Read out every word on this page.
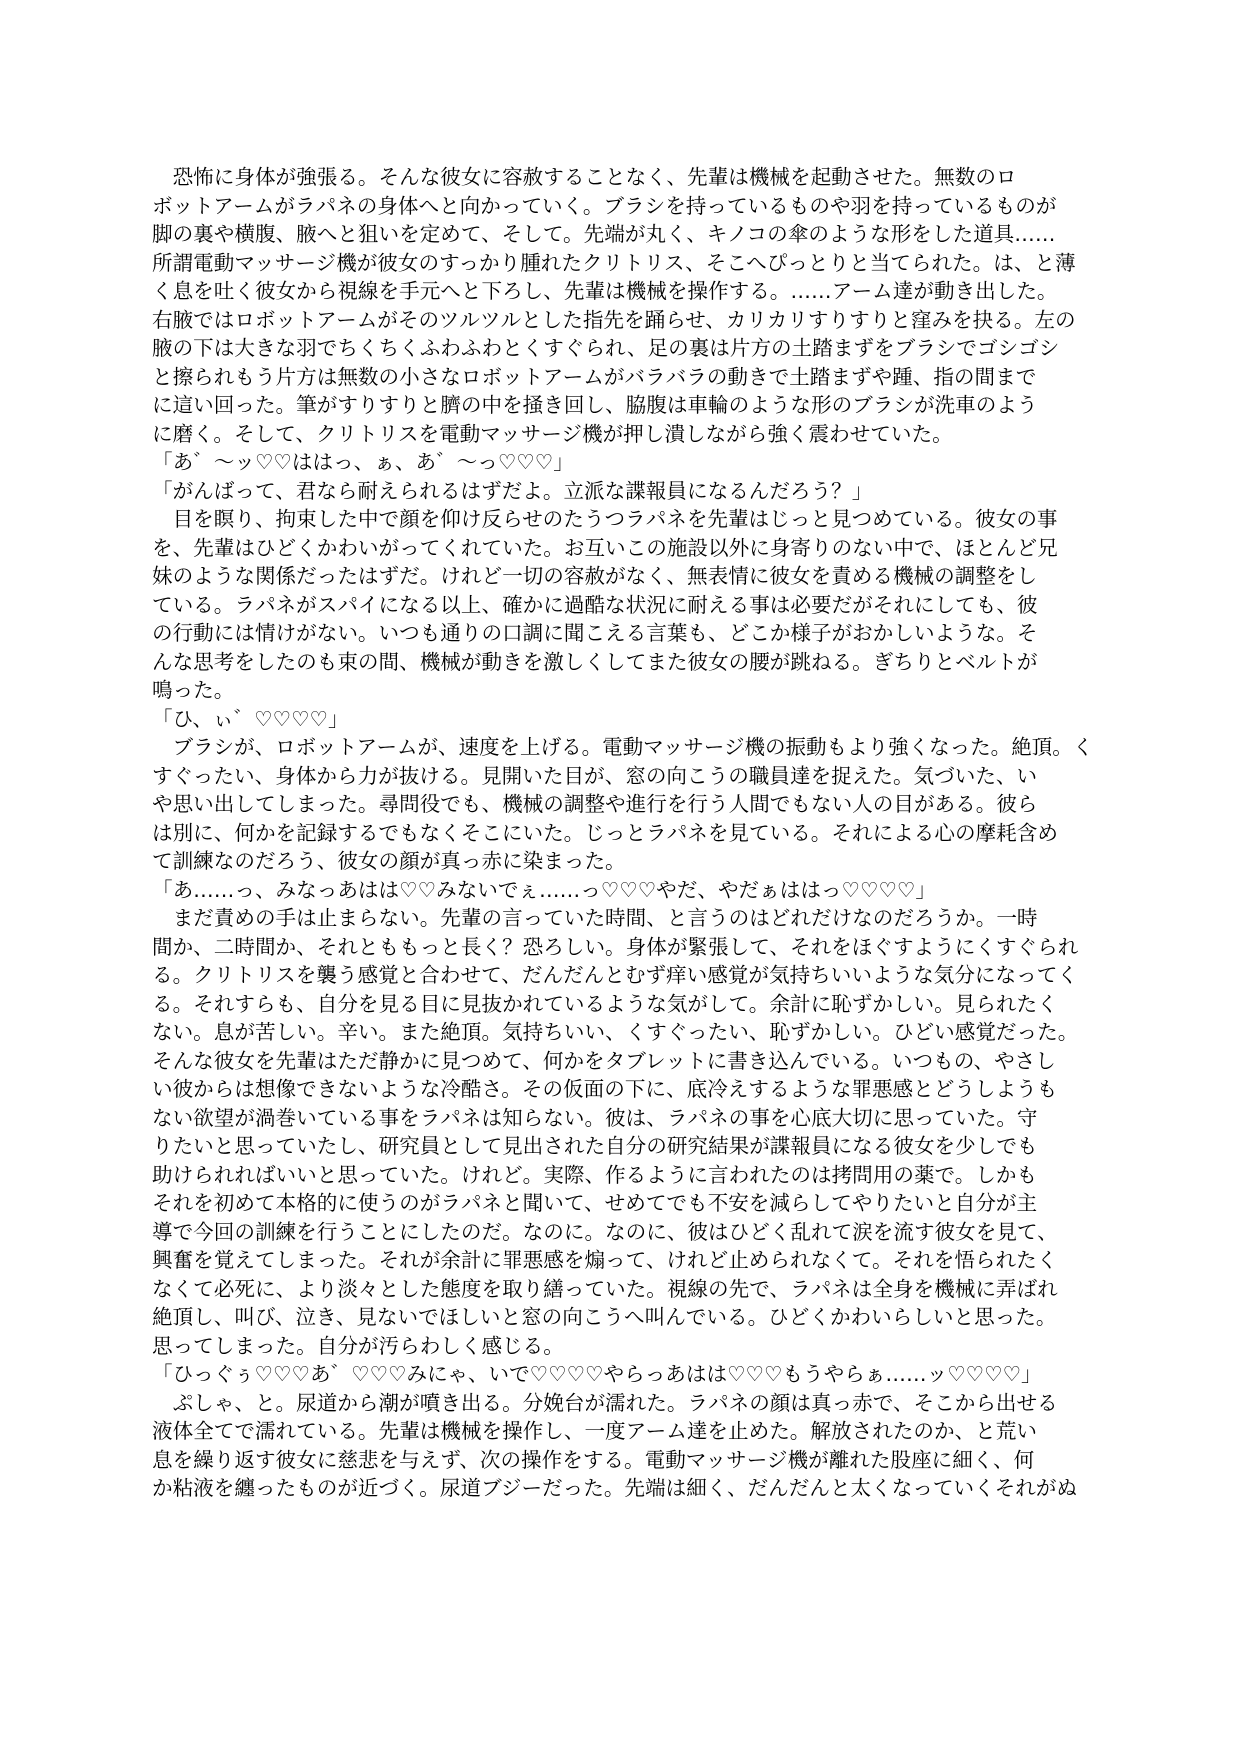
　恐怖に身体が強張る。そんな彼女に容赦することなく、先輩は機械を起動させた。無数のロ
ボットアームがラパネの身体へと向かっていく。ブラシを持っているものや羽を持っているものが
脚の裏や横腹、腋へと狙いを定めて、そして。先端が丸く、キノコの傘のような形をした道具……
所謂電動マッサージ機が彼女のすっかり腫れたクリトリス、そこへぴっとりと当てられた。は、と薄
く息を吐く彼女から視線を手元へと下ろし、先輩は機械を操作する。……アーム達が動き出した。
右腋ではロボットアームがそのツルツルとした指先を踊らせ、カリカリすりすりと窪みを抉る。左の
腋の下は大きな羽でちくちくふわふわとくすぐられ、足の裏は片方の土踏まずをブラシでゴシゴシ
と擦られもう片方は無数の小さなロボットアームがバラバラの動きで土踏まずや踵、指の間まで
に這い回った。筆がすりすりと臍の中を掻き回し、脇腹は車輪のような形のブラシが洗車のよう
に磨く。そして、クリトリスを電動マッサージ機が押し潰しながら強く震わせていた。
「あ゛〜ッ♡♡ははっ、ぁ、あ゛〜っ♡♡♡」
「がんばって、君なら耐えられるはずだよ。立派な諜報員になるんだろう？」
　目を瞑り、拘束した中で顔を仰け反らせのたうつラパネを先輩はじっと見つめている。彼女の事
を、先輩はひどくかわいがってくれていた。お互いこの施設以外に身寄りのない中で、ほとんど兄
妹のような関係だったはずだ。けれど一切の容赦がなく、無表情に彼女を責める機械の調整をし
ている。ラパネがスパイになる以上、確かに過酷な状況に耐える事は必要だがそれにしても、彼
の行動には情けがない。いつも通りの口調に聞こえる言葉も、どこか様子がおかしいような。そ
んな思考をしたのも束の間、機械が動きを激しくしてまた彼女の腰が跳ねる。ぎちりとベルトが
鳴った。
「ひ、ぃ゛♡♡♡♡」
　ブラシが、ロボットアームが、速度を上げる。電動マッサージ機の振動もより強くなった。絶頂。く
すぐったい、身体から力が抜ける。見開いた目が、窓の向こうの職員達を捉えた。気づいた、い
や思い出してしまった。尋問役でも、機械の調整や進行を行う人間でもない人の目がある。彼ら
は別に、何かを記録するでもなくそこにいた。じっとラパネを見ている。それによる心の摩耗含め
て訓練なのだろう、彼女の顔が真っ赤に染まった。
「あ……っ、みなっあはは♡♡みないでぇ……っ♡♡♡やだ、やだぁははっ♡♡♡♡」
　まだ責めの手は止まらない。先輩の言っていた時間、と言うのはどれだけなのだろうか。一時
間か、二時間か、それとももっと長く？恐ろしい。身体が緊張して、それをほぐすようにくすぐられ
る。クリトリスを襲う感覚と合わせて、だんだんとむず痒い感覚が気持ちいいような気分になってく
る。それすらも、自分を見る目に見抜かれているような気がして。余計に恥ずかしい。見られたく
ない。息が苦しい。辛い。また絶頂。気持ちいい、くすぐったい、恥ずかしい。ひどい感覚だった。
そんな彼女を先輩はただ静かに見つめて、何かをタブレットに書き込んでいる。いつもの、やさし
い彼からは想像できないような冷酷さ。その仮面の下に、底冷えするような罪悪感とどうしようも
ない欲望が渦巻いている事をラパネは知らない。彼は、ラパネの事を心底大切に思っていた。守
りたいと思っていたし、研究員として見出された自分の研究結果が諜報員になる彼女を少しでも
助けられればいいと思っていた。けれど。実際、作るように言われたのは拷問用の薬で。しかも
それを初めて本格的に使うのがラパネと聞いて、せめてでも不安を減らしてやりたいと自分が主
導で今回の訓練を行うことにしたのだ。なのに。なのに、彼はひどく乱れて涙を流す彼女を見て、
興奮を覚えてしまった。それが余計に罪悪感を煽って、けれど止められなくて。それを悟られたく
なくて必死に、より淡々とした態度を取り繕っていた。視線の先で、ラパネは全身を機械に弄ばれ
絶頂し、叫び、泣き、見ないでほしいと窓の向こうへ叫んでいる。ひどくかわいらしいと思った。
思ってしまった。自分が汚らわしく感じる。
「ひっぐぅ♡♡♡あ゛♡♡♡みにゃ、いで♡♡♡♡やらっあはは♡♡♡もうやらぁ……ッ♡♡♡♡」
　ぷしゃ、と。尿道から潮が噴き出る。分娩台が濡れた。ラパネの顔は真っ赤で、そこから出せる
液体全てで濡れている。先輩は機械を操作し、一度アーム達を止めた。解放されたのか、と荒い
息を繰り返す彼女に慈悲を与えず、次の操作をする。電動マッサージ機が離れた股座に細く、何
か粘液を纏ったものが近づく。尿道ブジーだった。先端は細く、だんだんと太くなっていくそれがぬ
